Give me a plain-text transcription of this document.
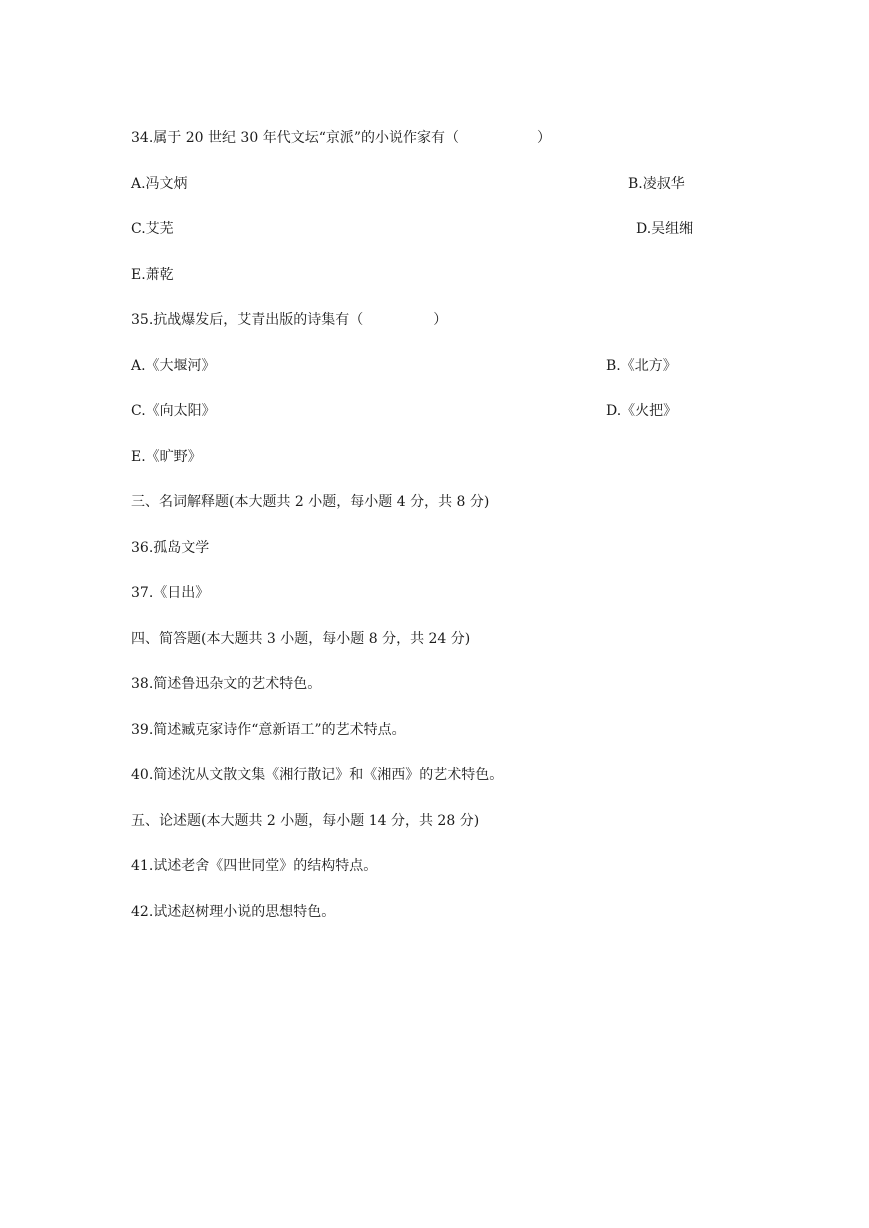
34.属于 20 世纪 30 年代文坛“京派”的小说作家有（	）
A.冯文炳	B.凌叔华
C.艾芜	D.吴组缃
E.萧乾
35.抗战爆发后，艾青出版的诗集有（	）
A.《大堰河》	B.《北方》
C.《向太阳》	D.《火把》
E.《旷野》
三、名词解释题(本大题共 2 小题，每小题 4 分，共 8 分)
36.孤岛文学
37.《日出》
四、简答题(本大题共 3 小题，每小题 8 分，共 24 分)
38.简述鲁迅杂文的艺术特色。
39.简述臧克家诗作“意新语工”的艺术特点。
40.简述沈从文散文集《湘行散记》和《湘西》的艺术特色。
五、论述题(本大题共 2 小题，每小题 14 分，共 28 分)
41.试述老舍《四世同堂》的结构特点。
42.试述赵树理小说的思想特色。
